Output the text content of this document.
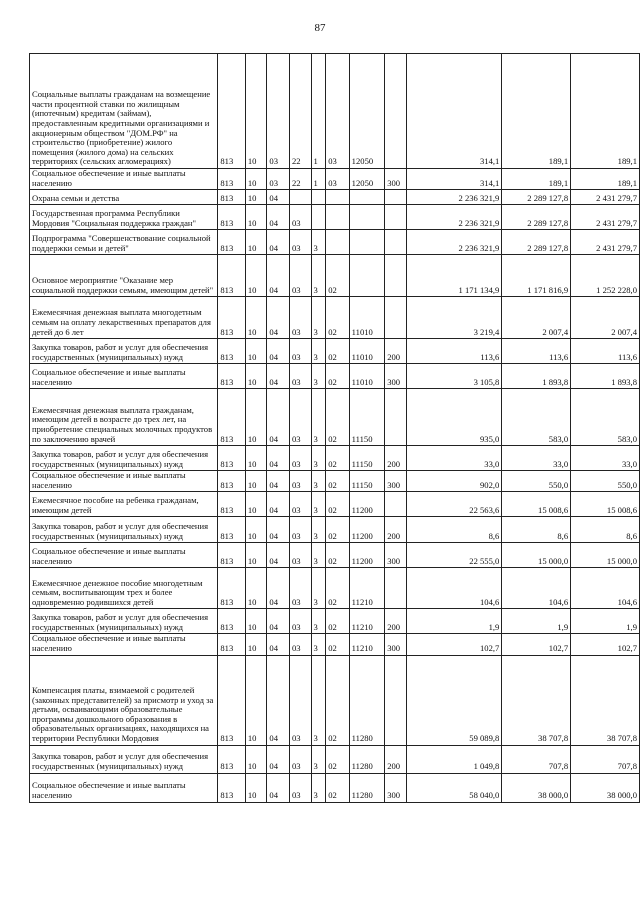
87
Социальные выплаты гражданам на возмещение части процентной ставки по жилищным (ипотечным) кредитам (займам), предоставленным кредитными организациями и акционерным обществом "ДОМ.РФ" на строительство (приобретение) жилого помещения (жилого дома) на сельских территориях (сельских агломерациях)	813	10	03	22	1	03	12050		314,1	189,1	189,1
Социальное обеспечение и иные выплаты населению	813	10	03	22	1	03	12050	300	314,1	189,1	189,1
Охрана семьи и детства	813	10	04						2 236 321,9	2 289 127,8	2 431 279,7
Государственная программа Республики Мордовия "Социальная поддержка граждан"	813	10	04	03					2 236 321,9	2 289 127,8	2 431 279,7
Подпрограмма "Совершенствование социальной поддержки семьи и детей"	813	10	04	03	3				2 236 321,9	2 289 127,8	2 431 279,7
Основное мероприятие "Оказание мер социальной поддержки семьям, имеющим детей"	813	10	04	03	3	02			1 171 134,9	1 171 816,9	1 252 228,0
Ежемесячная денежная выплата многодетным семьям на оплату лекарственных препаратов для детей до 6 лет	813	10	04	03	3	02	11010		3 219,4	2 007,4	2 007,4
Закупка товаров, работ и услуг для обеспечения государственных (муниципальных) нужд	813	10	04	03	3	02	11010	200	113,6	113,6	113,6
Социальное обеспечение и иные выплаты населению	813	10	04	03	3	02	11010	300	3 105,8	1 893,8	1 893,8
Ежемесячная денежная выплата гражданам, имеющим детей в возрасте до трех лет, на приобретение специальных молочных продуктов по заключению врачей	813	10	04	03	3	02	11150		935,0	583,0	583,0
Закупка товаров, работ и услуг для обеспечения государственных (муниципальных) нужд	813	10	04	03	3	02	11150	200	33,0	33,0	33,0
Социальное обеспечение и иные выплаты населению	813	10	04	03	3	02	11150	300	902,0	550,0	550,0
Ежемесячное пособие на ребенка гражданам, имеющим детей	813	10	04	03	3	02	11200		22 563,6	15 008,6	15 008,6
Закупка товаров, работ и услуг для обеспечения государственных (муниципальных) нужд	813	10	04	03	3	02	11200	200	8,6	8,6	8,6
Социальное обеспечение и иные выплаты населению	813	10	04	03	3	02	11200	300	22 555,0	15 000,0	15 000,0
Ежемесячное денежное пособие многодетным семьям, воспитывающим трех и более одновременно родившихся детей	813	10	04	03	3	02	11210		104,6	104,6	104,6
Закупка товаров, работ и услуг для обеспечения государственных (муниципальных) нужд	813	10	04	03	3	02	11210	200	1,9	1,9	1,9
Социальное обеспечение и иные выплаты населению	813	10	04	03	3	02	11210	300	102,7	102,7	102,7
Компенсация платы, взимаемой с родителей (законных представителей) за присмотр и уход за детьми, осваивающими образовательные программы дошкольного образования в образовательных организациях, находящихся на территории Республики Мордовия	813	10	04	03	3	02	11280		59 089,8	38 707,8	38 707,8
Закупка товаров, работ и услуг для обеспечения государственных (муниципальных) нужд	813	10	04	03	3	02	11280	200	1 049,8	707,8	707,8
Социальное обеспечение и иные выплаты населению	813	10	04	03	3	02	11280	300	58 040,0	38 000,0	38 000,0
